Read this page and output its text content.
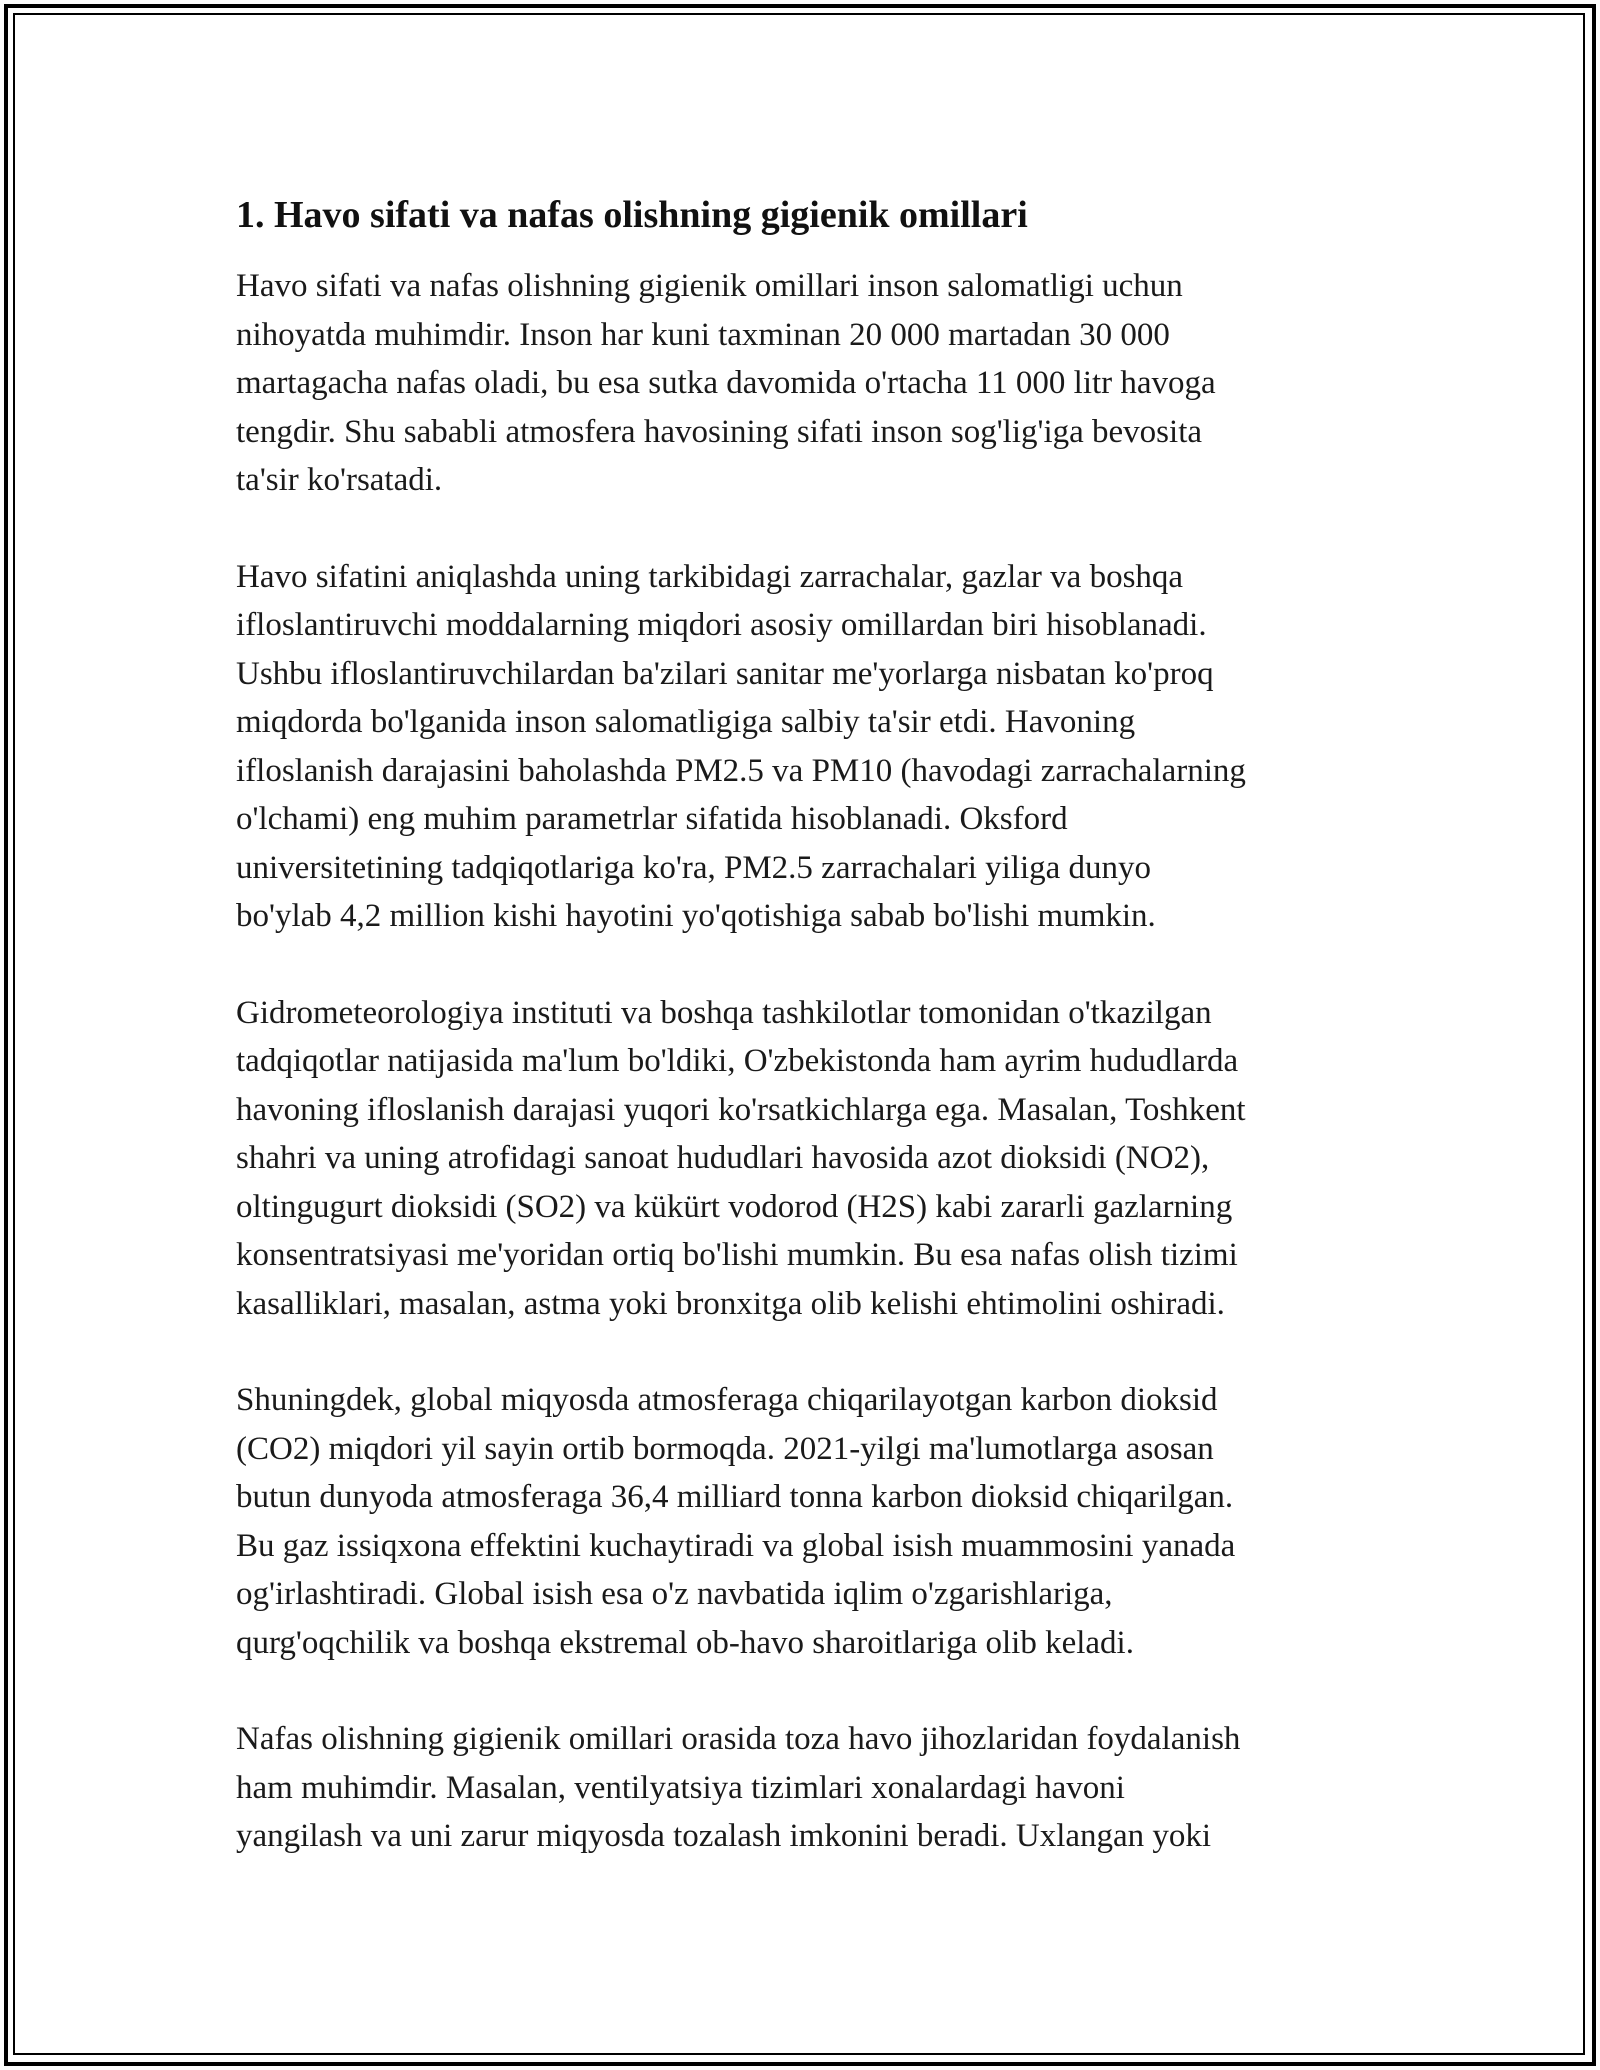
1. Havo sifati va nafas olishning gigienik omillari

Havo sifati va nafas olishning gigienik omillari inson salomatligi uchun
nihoyatda muhimdir. Inson har kuni taxminan 20 000 martadan 30 000
martagacha nafas oladi, bu esa sutka davomida o'rtacha 11 000 litr havoga
tengdir. Shu sababli atmosfera havosining sifati inson sog'lig'iga bevosita
ta'sir ko'rsatadi.

Havo sifatini aniqlashda uning tarkibidagi zarrachalar, gazlar va boshqa
ifloslantiruvchi moddalarning miqdori asosiy omillardan biri hisoblanadi.
Ushbu ifloslantiruvchilardan ba'zilari sanitar me'yorlarga nisbatan ko'proq
miqdorda bo'lganida inson salomatligiga salbiy ta'sir etdi. Havoning
ifloslanish darajasini baholashda PM2.5 va PM10 (havodagi zarrachalarning
o'lchami) eng muhim parametrlar sifatida hisoblanadi. Oksford
universitetining tadqiqotlariga ko'ra, PM2.5 zarrachalari yiliga dunyo
bo'ylab 4,2 million kishi hayotini yo'qotishiga sabab bo'lishi mumkin.

Gidrometeorologiya instituti va boshqa tashkilotlar tomonidan o'tkazilgan
tadqiqotlar natijasida ma'lum bo'ldiki, O'zbekistonda ham ayrim hududlarda
havoning ifloslanish darajasi yuqori ko'rsatkichlarga ega. Masalan, Toshkent
shahri va uning atrofidagi sanoat hududlari havosida azot dioksidi (NO2),
oltingugurt dioksidi (SO2) va kükürt vodorod (H2S) kabi zararli gazlarning
konsentratsiyasi me'yoridan ortiq bo'lishi mumkin. Bu esa nafas olish tizimi
kasalliklari, masalan, astma yoki bronxitga olib kelishi ehtimolini oshiradi.

Shuningdek, global miqyosda atmosferaga chiqarilayotgan karbon dioksid
(CO2) miqdori yil sayin ortib bormoqda. 2021-yilgi ma'lumotlarga asosan
butun dunyoda atmosferaga 36,4 milliard tonna karbon dioksid chiqarilgan.
Bu gaz issiqxona effektini kuchaytiradi va global isish muammosini yanada
og'irlashtiradi. Global isish esa o'z navbatida iqlim o'zgarishlariga,
qurg'oqchilik va boshqa ekstremal ob-havo sharoitlariga olib keladi.

Nafas olishning gigienik omillari orasida toza havo jihozlaridan foydalanish
ham muhimdir. Masalan, ventilyatsiya tizimlari xonalardagi havoni
yangilash va uni zarur miqyosda tozalash imkonini beradi. Uxlangan yoki
